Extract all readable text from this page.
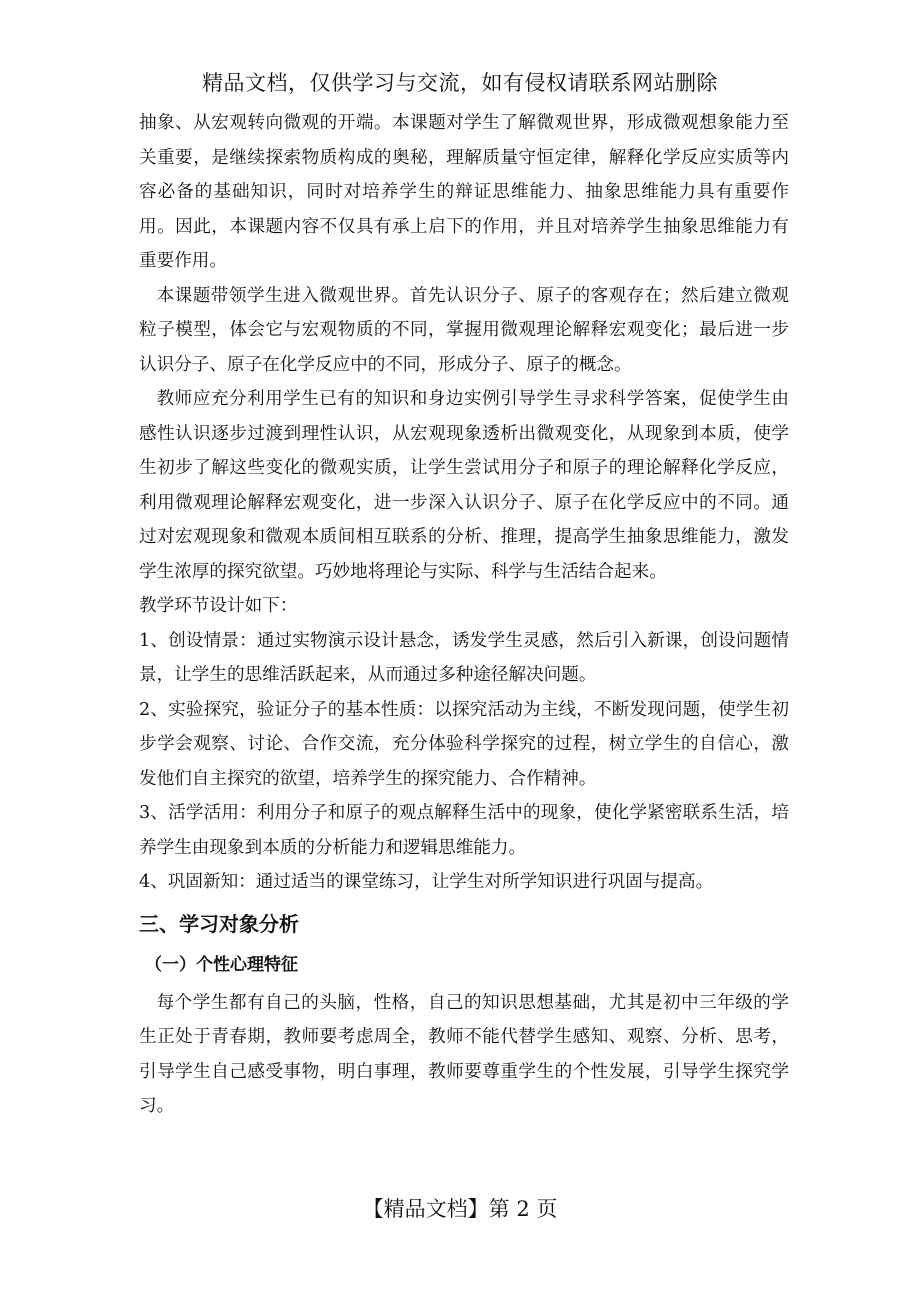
精品文档，仅供学习与交流，如有侵权请联系网站删除

抽象、从宏观转向微观的开端。本课题对学生了解微观世界，形成微观想象能力至关重要，是继续探索物质构成的奥秘，理解质量守恒定律，解释化学反应实质等内容必备的基础知识，同时对培养学生的辩证思维能力、抽象思维能力具有重要作用。因此，本课题内容不仅具有承上启下的作用，并且对培养学生抽象思维能力有重要作用。

本课题带领学生进入微观世界。首先认识分子、原子的客观存在；然后建立微观粒子模型，体会它与宏观物质的不同，掌握用微观理论解释宏观变化；最后进一步认识分子、原子在化学反应中的不同，形成分子、原子的概念。

教师应充分利用学生已有的知识和身边实例引导学生寻求科学答案，促使学生由感性认识逐步过渡到理性认识，从宏观现象透析出微观变化，从现象到本质，使学生初步了解这些变化的微观实质，让学生尝试用分子和原子的理论解释化学反应，利用微观理论解释宏观变化，进一步深入认识分子、原子在化学反应中的不同。通过对宏观现象和微观本质间相互联系的分析、推理，提高学生抽象思维能力，激发学生浓厚的探究欲望。巧妙地将理论与实际、科学与生活结合起来。

教学环节设计如下：

1、创设情景：通过实物演示设计悬念，诱发学生灵感，然后引入新课，创设问题情景，让学生的思维活跃起来，从而通过多种途径解决问题。

2、实验探究，验证分子的基本性质：以探究活动为主线，不断发现问题，使学生初步学会观察、讨论、合作交流，充分体验科学探究的过程，树立学生的自信心，激发他们自主探究的欲望，培养学生的探究能力、合作精神。

3、活学活用：利用分子和原子的观点解释生活中的现象，使化学紧密联系生活，培养学生由现象到本质的分析能力和逻辑思维能力。

4、巩固新知：通过适当的课堂练习，让学生对所学知识进行巩固与提高。

三、学习对象分析

（一）个性心理特征

每个学生都有自己的头脑，性格，自己的知识思想基础，尤其是初中三年级的学生正处于青春期，教师要考虑周全，教师不能代替学生感知、观察、分析、思考，引导学生自己感受事物，明白事理，教师要尊重学生的个性发展，引导学生探究学习。

【精品文档】第 2 页
